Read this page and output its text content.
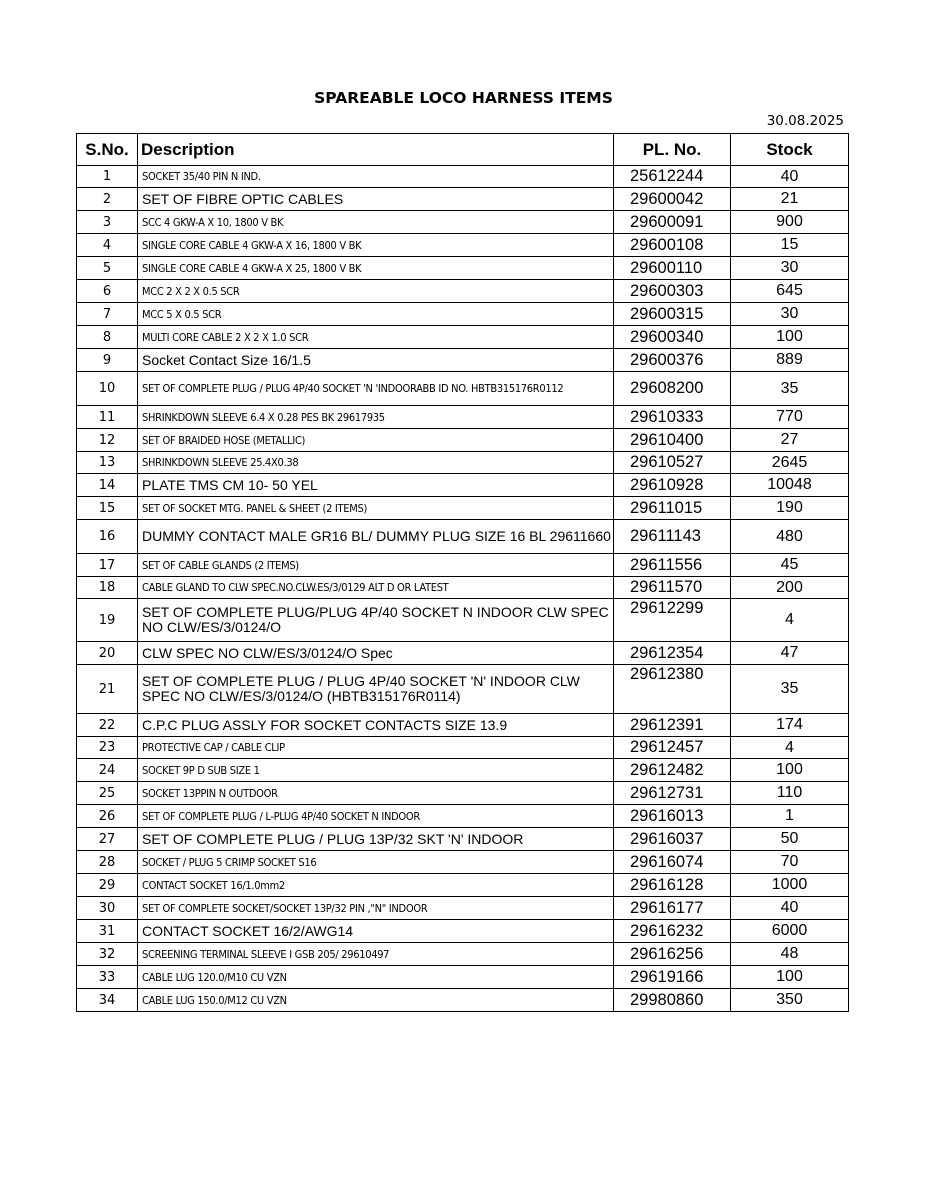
SPAREABLE LOCO HARNESS ITEMS
30.08.2025
S.No.	Description	PL. No.	Stock
1	SOCKET 35/40 PIN N IND.	25612244	40
2	SET OF FIBRE OPTIC CABLES	29600042	21
3	SCC 4 GKW-A X 10, 1800 V BK	29600091	900
4	SINGLE CORE CABLE 4 GKW-A X 16, 1800 V BK	29600108	15
5	SINGLE CORE CABLE 4 GKW-A X 25, 1800 V BK	29600110	30
6	MCC 2 X 2 X 0.5 SCR	29600303	645
7	MCC 5 X 0.5 SCR	29600315	30
8	MULTI CORE CABLE 2 X 2 X 1.0 SCR	29600340	100
9	Socket Contact Size 16/1.5	29600376	889
10	SET OF COMPLETE PLUG / PLUG 4P/40 SOCKET 'N 'INDOORABB ID NO. HBTB315176R0112	29608200	35
11	SHRINKDOWN SLEEVE 6.4 X 0.28 PES BK 29617935	29610333	770
12	SET OF BRAIDED HOSE (METALLIC)	29610400	27
13	SHRINKDOWN SLEEVE 25.4X0.38	29610527	2645
14	PLATE TMS CM 10- 50 YEL	29610928	10048
15	SET OF SOCKET MTG. PANEL & SHEET (2 ITEMS)	29611015	190
16	DUMMY CONTACT MALE GR16 BL/ DUMMY PLUG SIZE 16 BL 29611660	29611143	480
17	SET OF CABLE GLANDS (2 ITEMS)	29611556	45
18	CABLE GLAND TO CLW SPEC.NO.CLW.ES/3/0129 ALT D OR LATEST	29611570	200
19	SET OF COMPLETE PLUG/PLUG 4P/40 SOCKET N INDOOR CLW SPEC NO CLW/ES/3/0124/O	29612299	4
20	CLW SPEC NO CLW/ES/3/0124/O Spec	29612354	47
21	SET OF COMPLETE PLUG / PLUG 4P/40 SOCKET 'N' INDOOR CLW SPEC NO CLW/ES/3/0124/O (HBTB315176R0114)	29612380	35
22	C.P.C PLUG ASSLY FOR SOCKET CONTACTS SIZE 13.9	29612391	174
23	PROTECTIVE CAP / CABLE CLIP	29612457	4
24	SOCKET 9P D SUB SIZE 1	29612482	100
25	SOCKET 13PPIN N OUTDOOR	29612731	110
26	SET OF COMPLETE PLUG / L-PLUG 4P/40 SOCKET N INDOOR	29616013	1
27	SET OF COMPLETE PLUG / PLUG 13P/32 SKT 'N' INDOOR	29616037	50
28	SOCKET / PLUG 5 CRIMP SOCKET S16	29616074	70
29	CONTACT SOCKET 16/1.0mm2	29616128	1000
30	SET OF COMPLETE SOCKET/SOCKET 13P/32 PIN ,"N" INDOOR	29616177	40
31	CONTACT SOCKET 16/2/AWG14	29616232	6000
32	SCREENING TERMINAL SLEEVE I GSB 205/ 29610497	29616256	48
33	CABLE LUG 120.0/M10 CU VZN	29619166	100
34	CABLE LUG 150.0/M12 CU VZN	29980860	350
